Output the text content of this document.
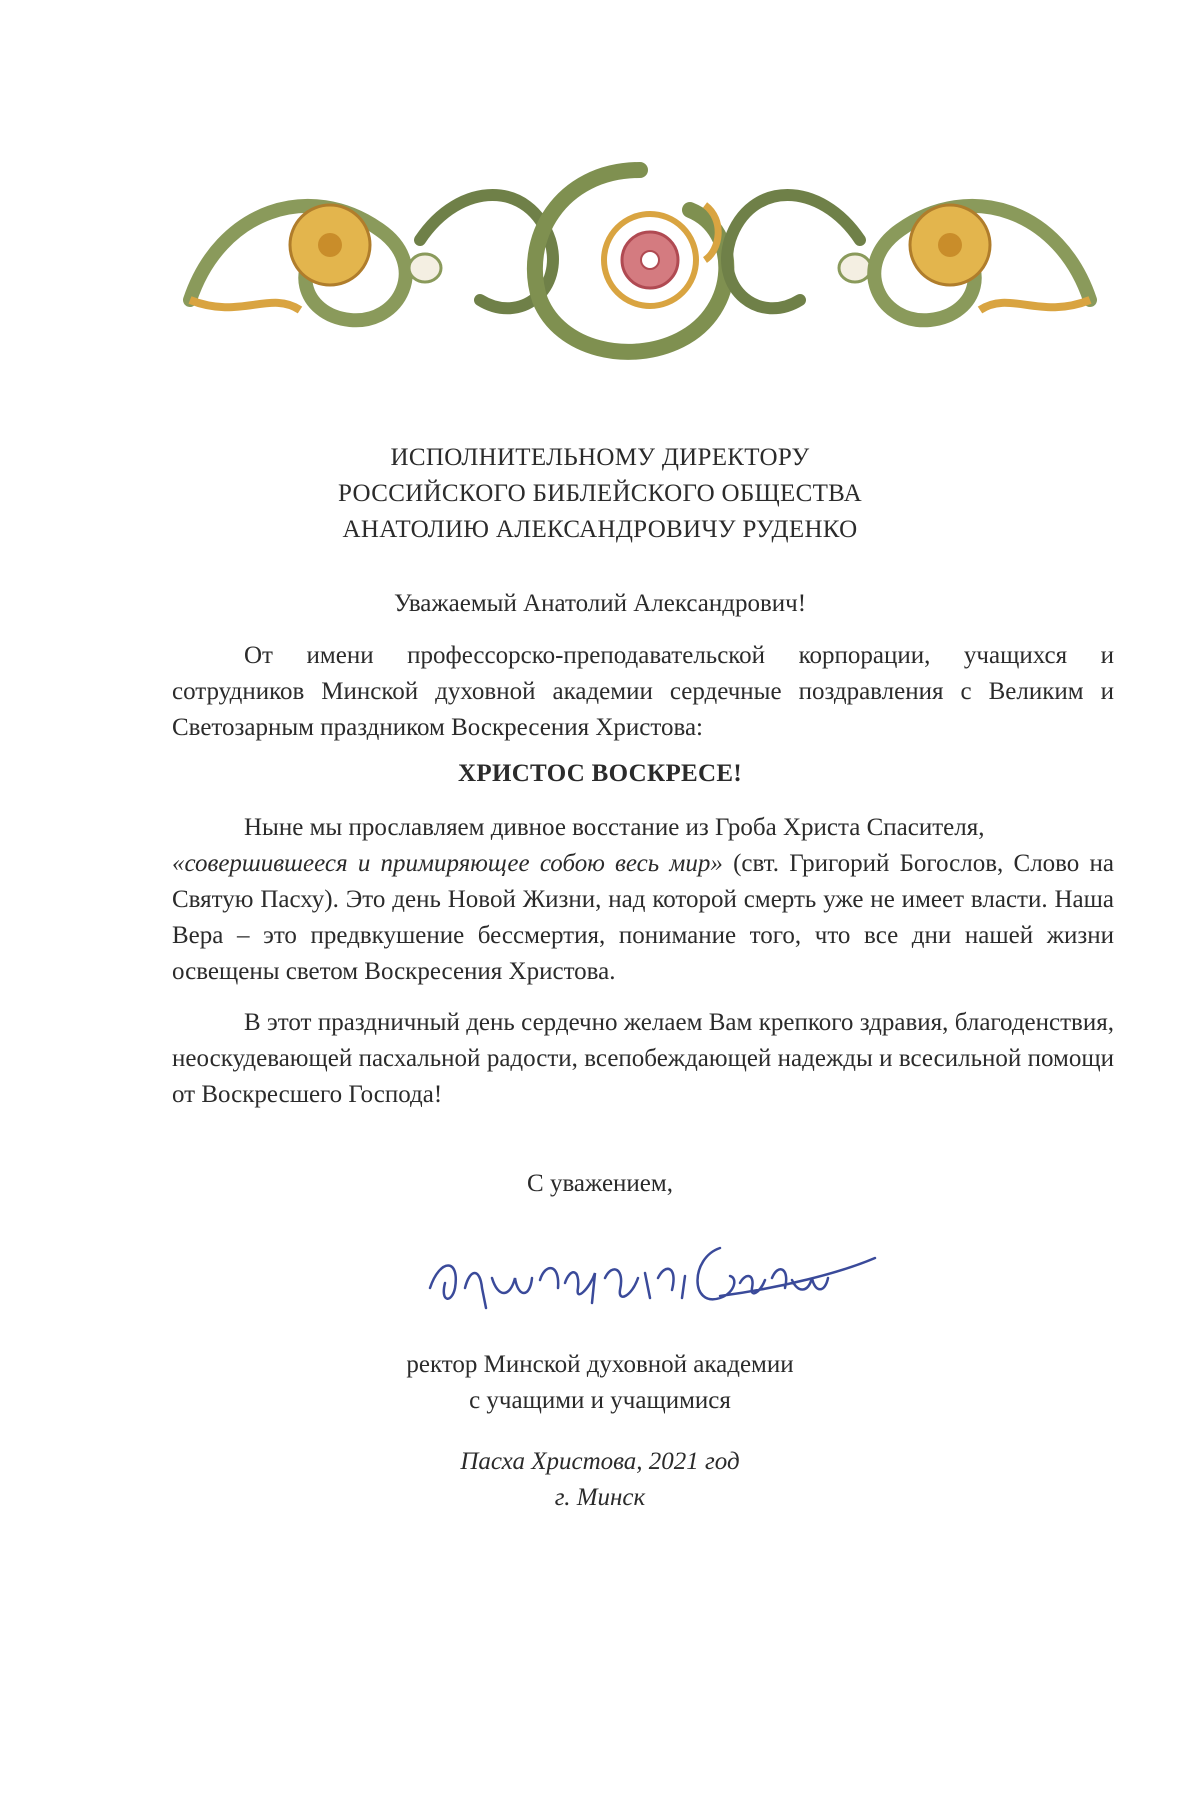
ИСПОЛНИТЕЛЬНОМУ ДИРЕКТОРУ
РОССИЙСКОГО БИБЛЕЙСКОГО ОБЩЕСТВА
АНАТОЛИЮ АЛЕКСАНДРОВИЧУ РУДЕНКО
Уважаемый Анатолий Александрович!

От имени профессорско-преподавательской корпорации, учащихся и сотрудников Минской духовной академии сердечные поздравления с Великим и Светозарным праздником Воскресения Христова:

ХРИСТОС ВОСКРЕСЕ!

Ныне мы прославляем дивное восстание из Гроба Христа Спасителя,
«совершившееся и примиряющее собою весь мир» (свт. Григорий Богослов, Слово на Святую Пасху). Это день Новой Жизни, над которой смерть уже не имеет власти. Наша Вера – это предвкушение бессмертия, понимание того, что все дни нашей жизни освещены светом Воскресения Христова.

В этот праздничный день сердечно желаем Вам крепкого здравия, благоденствия, неоскудевающей пасхальной радости, всепобеждающей надежды и всесильной помощи от Воскресшего Господа!

С уважением,
ректор Минской духовной академии
с учащими и учащимися
Пасха Христова, 2021 год
г. Минск
